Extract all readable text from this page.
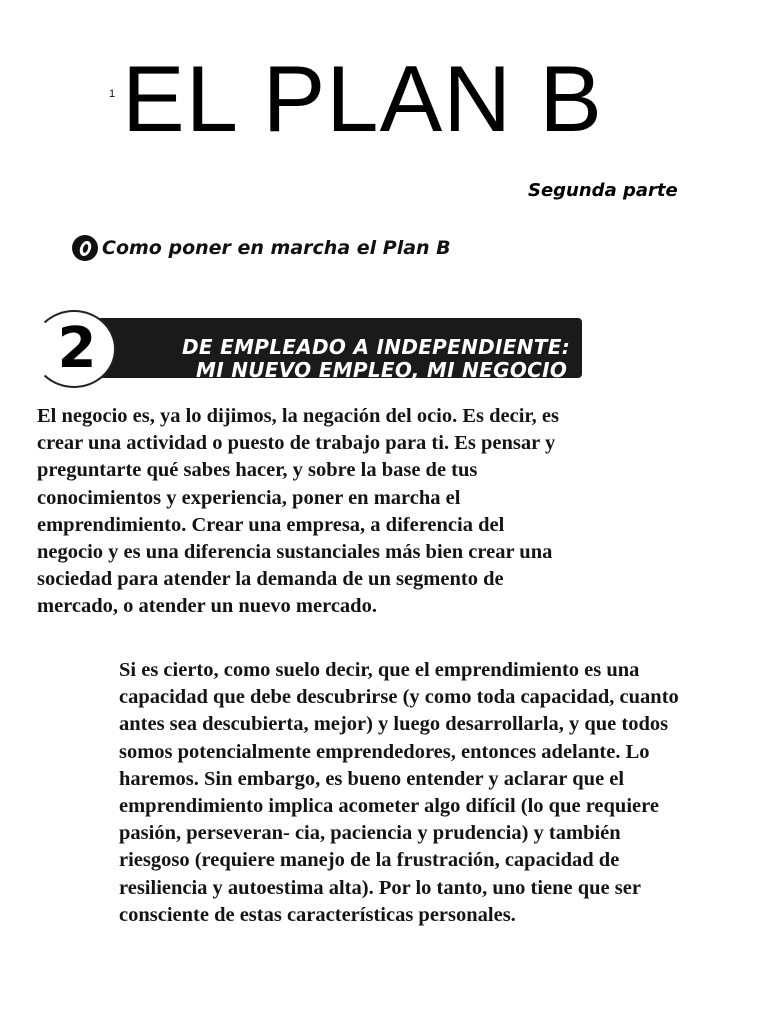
1 EL PLAN B
Segunda parte
Como poner en marcha el Plan B
DE EMPLEADO A INDEPENDIENTE:
MI NUEVO EMPLEO, MI NEGOCIO
2

El negocio es, ya lo dijimos, la negación del ocio. Es decir, es
crear una actividad o puesto de trabajo para ti. Es pensar y
preguntarte qué sabes hacer, y sobre la base de tus
conocimientos y experiencia, poner en marcha el
emprendimiento. Crear una empresa, a diferencia del
negocio y es una diferencia sustanciales más bien crear una
sociedad para atender la demanda de un segmento de
mercado, o atender un nuevo mercado.

Si es cierto, como suelo decir, que el emprendimiento es una
capacidad que debe descubrirse (y como toda capacidad, cuanto
antes sea descubierta, mejor) y luego desarrollarla, y que todos
somos potencialmente emprendedores, entonces adelante. Lo
haremos. Sin embargo, es bueno entender y aclarar que el
emprendimiento implica acometer algo difícil (lo que requiere
pasión, perseveran- cia, paciencia y prudencia) y también
riesgoso (requiere manejo de la frustración, capacidad de
resiliencia y autoestima alta). Por lo tanto, uno tiene que ser
consciente de estas características personales.
